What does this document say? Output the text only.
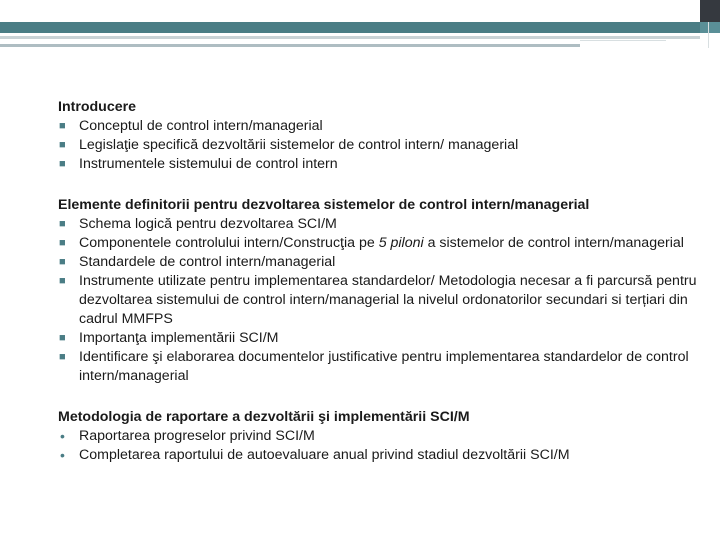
Introducere
■ Conceptul de control intern/managerial
■ Legislaţie specifică dezvoltării sistemelor de control intern/ managerial
■ Instrumentele sistemului de control intern
Elemente definitorii pentru dezvoltarea sistemelor de control intern/managerial
■ Schema logică pentru dezvoltarea SCI/M
■ Componentele controlului intern/Construcţia pe 5 piloni a sistemelor de control intern/managerial
■ Standardele de control intern/managerial
■ Instrumente utilizate pentru implementarea standardelor/ Metodologia necesar a fi parcursă pentru dezvoltarea sistemului de control intern/managerial la nivelul ordonatorilor secundari si terțiari din cadrul MMFPS
■ Importanţa implementării SCI/M
■ Identificare şi elaborarea documentelor justificative pentru implementarea standardelor de control intern/managerial
Metodologia de raportare a dezvoltării şi implementării SCI/M
• Raportarea progreselor privind SCI/M
• Completarea raportului de autoevaluare anual privind stadiul dezvoltării SCI/M
